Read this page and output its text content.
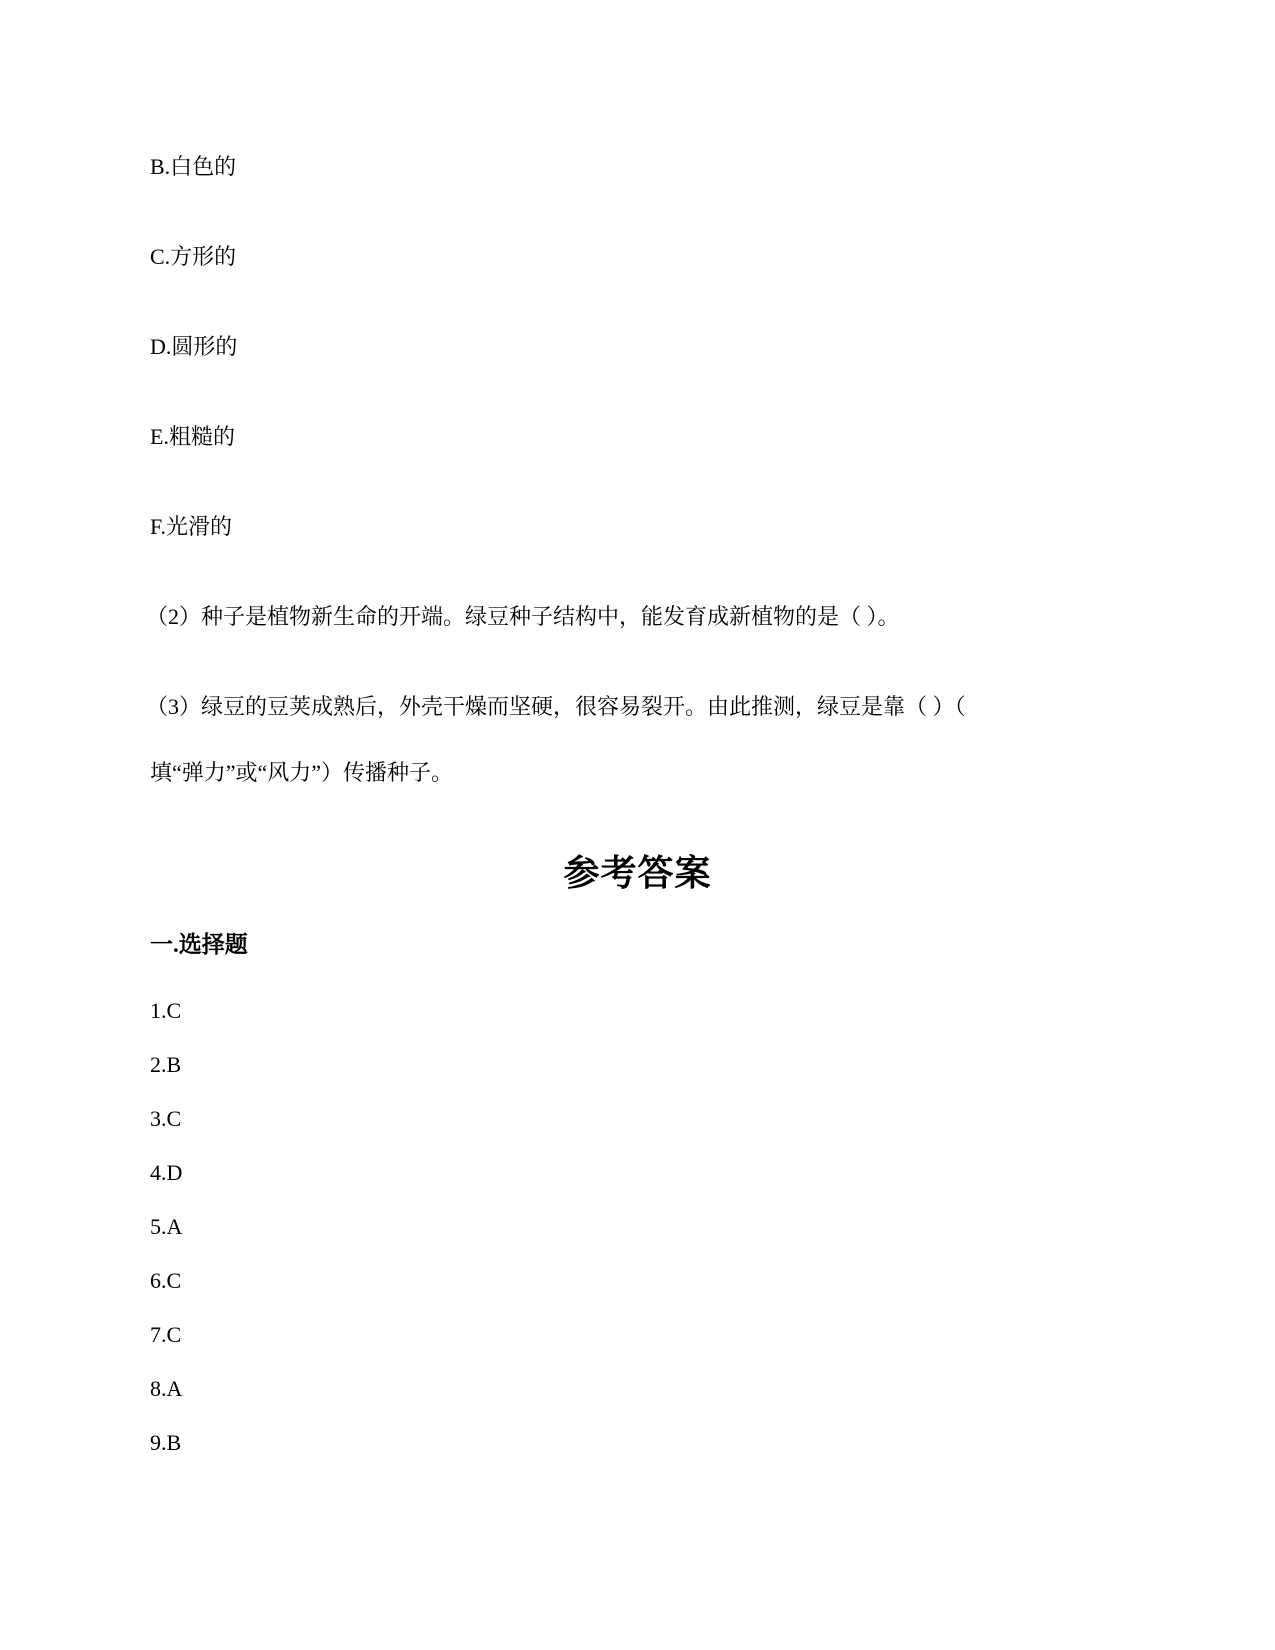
B.白色的
C.方形的
D.圆形的
E.粗糙的
F.光滑的
（2）种子是植物新生命的开端。绿豆种子结构中，能发育成新植物的是（ ）。
（3）绿豆的豆荚成熟后，外壳干燥而坚硬，很容易裂开。由此推测，绿豆是靠（ ）（
填“弹力”或“风力”）传播种子。
参考答案
一.选择题
1.C
2.B
3.C
4.D
5.A
6.C
7.C
8.A
9.B
